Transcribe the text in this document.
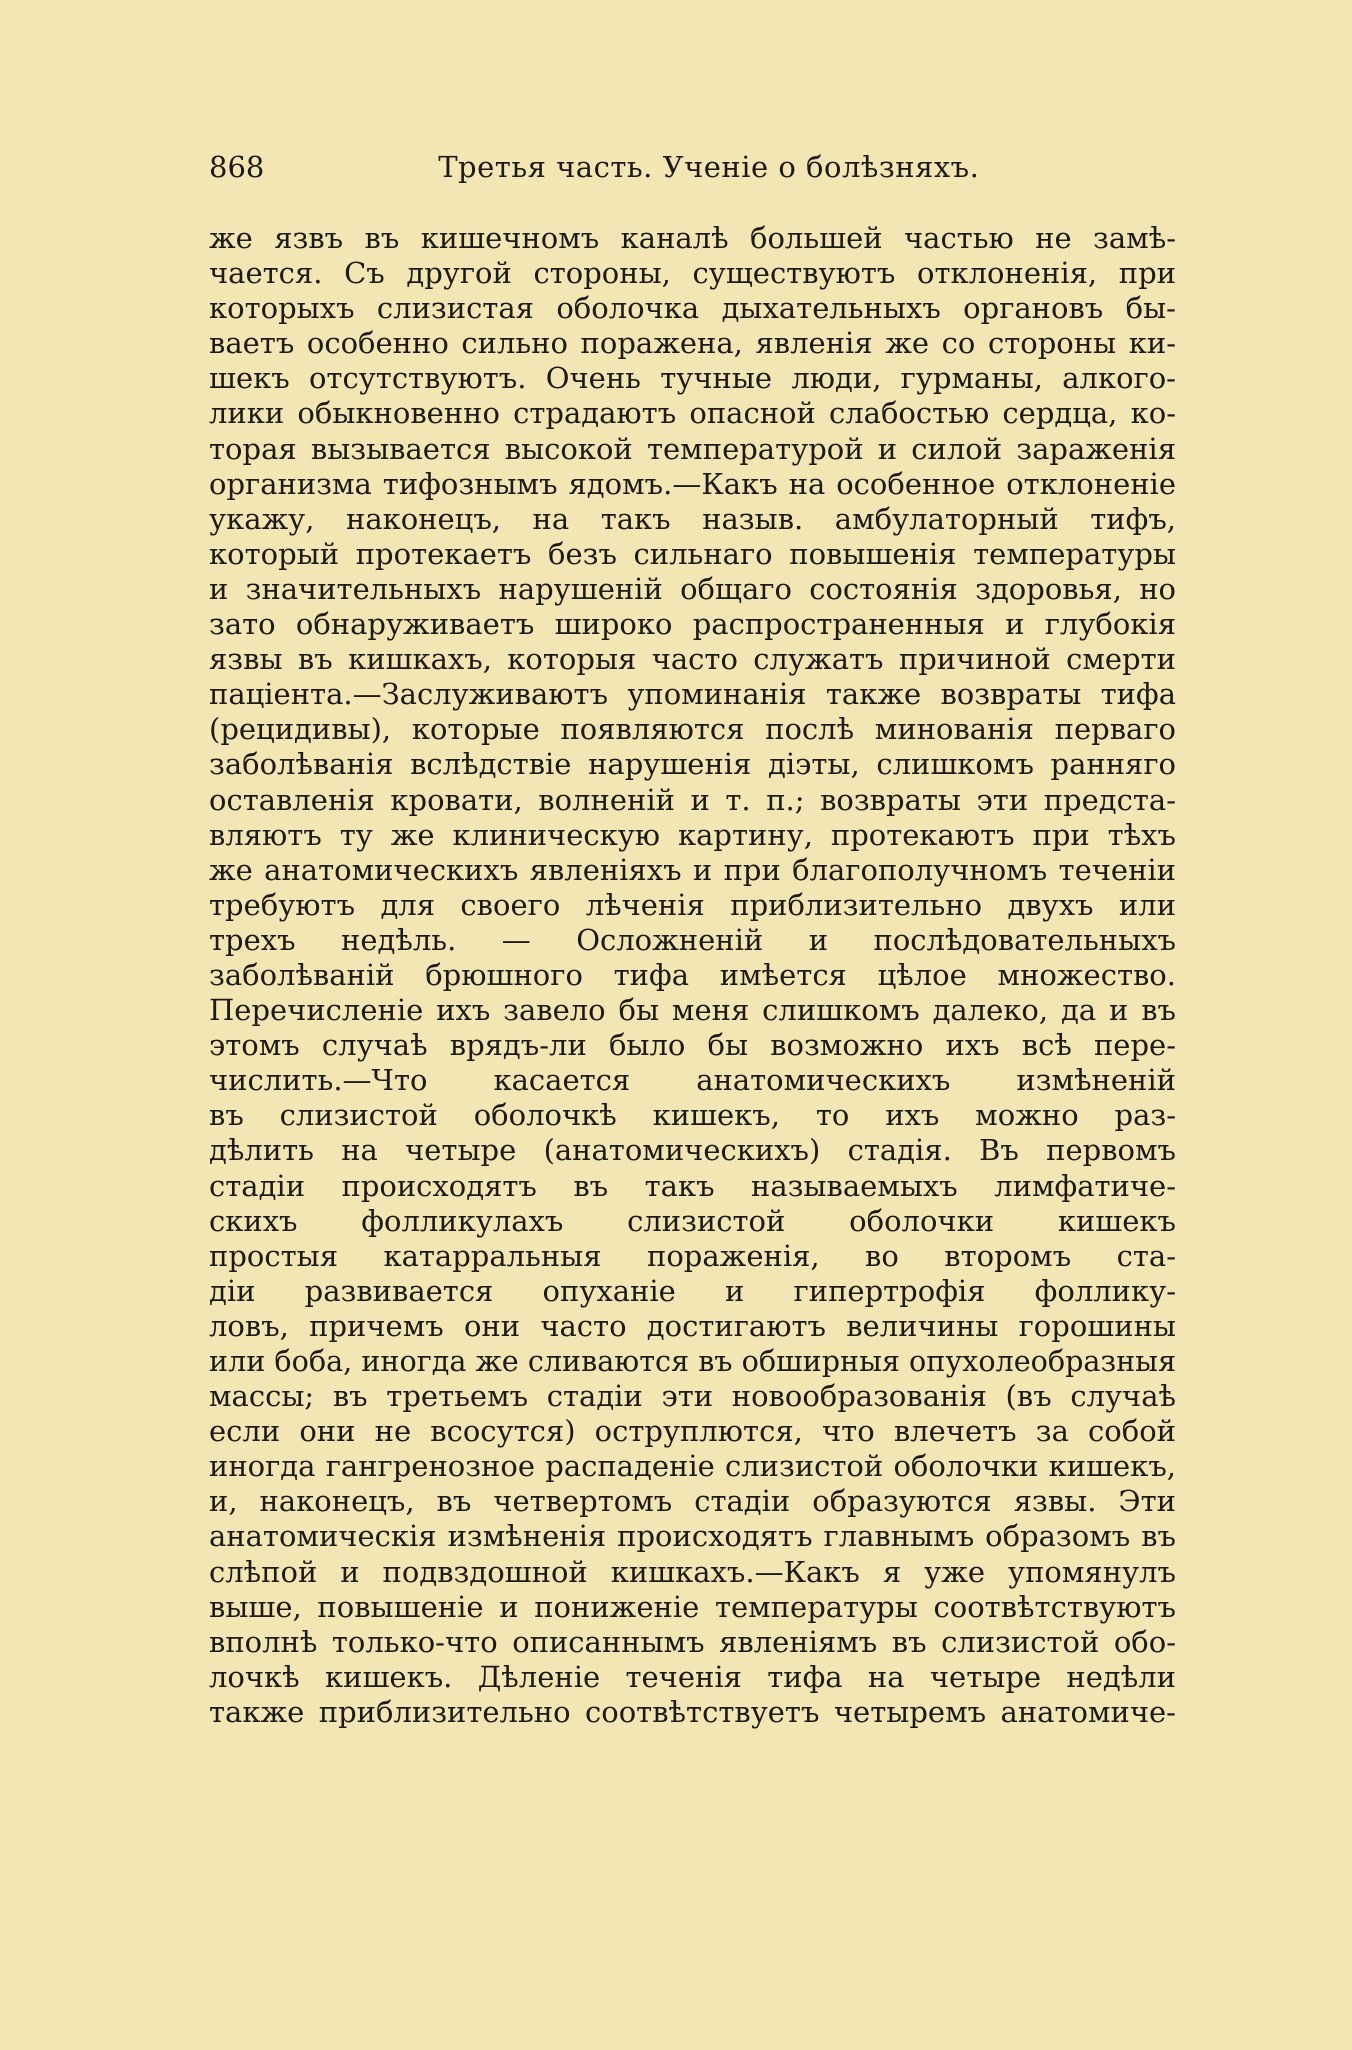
868	Третья часть. Ученіе о болѣзняхъ.
же язвъ въ кишечномъ каналѣ большей частью не замѣ-
чается. Съ другой стороны, существуютъ отклоненія, при
которыхъ слизистая оболочка дыхательныхъ органовъ бы-
ваетъ особенно сильно поражена, явленія же со стороны ки-
шекъ отсутствуютъ. Очень тучные люди, гурманы, алкого-
лики обыкновенно страдаютъ опасной слабостью сердца, ко-
торая вызывается высокой температурой и силой зараженія
организма тифознымъ ядомъ.—Какъ на особенное отклоненіе
укажу, наконецъ, на такъ назыв. амбулаторный тифъ,
который протекаетъ безъ сильнаго повышенія температуры
и значительныхъ нарушеній общаго состоянія здоровья, но
зато обнаруживаетъ широко распространенныя и глубокія
язвы въ кишкахъ, которыя часто служатъ причиной смерти
паціента.—Заслуживаютъ упоминанія также возвраты тифа
(рецидивы), которые появляются послѣ минованія перваго
заболѣванія вслѣдствіе нарушенія діэты, слишкомъ ранняго
оставленія кровати, волненій и т. п.; возвраты эти предста-
вляютъ ту же клиническую картину, протекаютъ при тѣхъ
же анатомическихъ явленіяхъ и при благополучномъ теченіи
требуютъ для своего лѣченія приблизительно двухъ или
трехъ недѣль. — Осложненій и послѣдовательныхъ
заболѣваній брюшного тифа имѣется цѣлое множество.
Перечисленіе ихъ завело бы меня слишкомъ далеко, да и въ
этомъ случаѣ врядъ-ли было бы возможно ихъ всѣ пере-
числить.—Что касается анатомическихъ измѣненій
въ слизистой оболочкѣ кишекъ, то ихъ можно раз-
дѣлить на четыре (анатомическихъ) стадія. Въ первомъ
стадіи происходятъ въ такъ называемыхъ лимфатиче-
скихъ фолликулахъ слизистой оболочки кишекъ
простыя катарральныя пораженія, во второмъ ста-
діи развивается опуханіе и гипертрофія фоллику-
ловъ, причемъ они часто достигаютъ величины горошины
или боба, иногда же сливаются въ обширныя опухолеобразныя
массы; въ третьемъ стадіи эти новообразованія (въ случаѣ
если они не всосутся) оструплются, что влечетъ за собой
иногда гангренозное распаденіе слизистой оболочки кишекъ,
и, наконецъ, въ четвертомъ стадіи образуются язвы. Эти
анатомическія измѣненія происходятъ главнымъ образомъ въ
слѣпой и подвздошной кишкахъ.—Какъ я уже упомянулъ
выше, повышеніе и пониженіе температуры соотвѣтствуютъ
вполнѣ только-что описаннымъ явленіямъ въ слизистой обо-
лочкѣ кишекъ. Дѣленіе теченія тифа на четыре недѣли
также приблизительно соотвѣтствуетъ четыремъ анатомиче-
